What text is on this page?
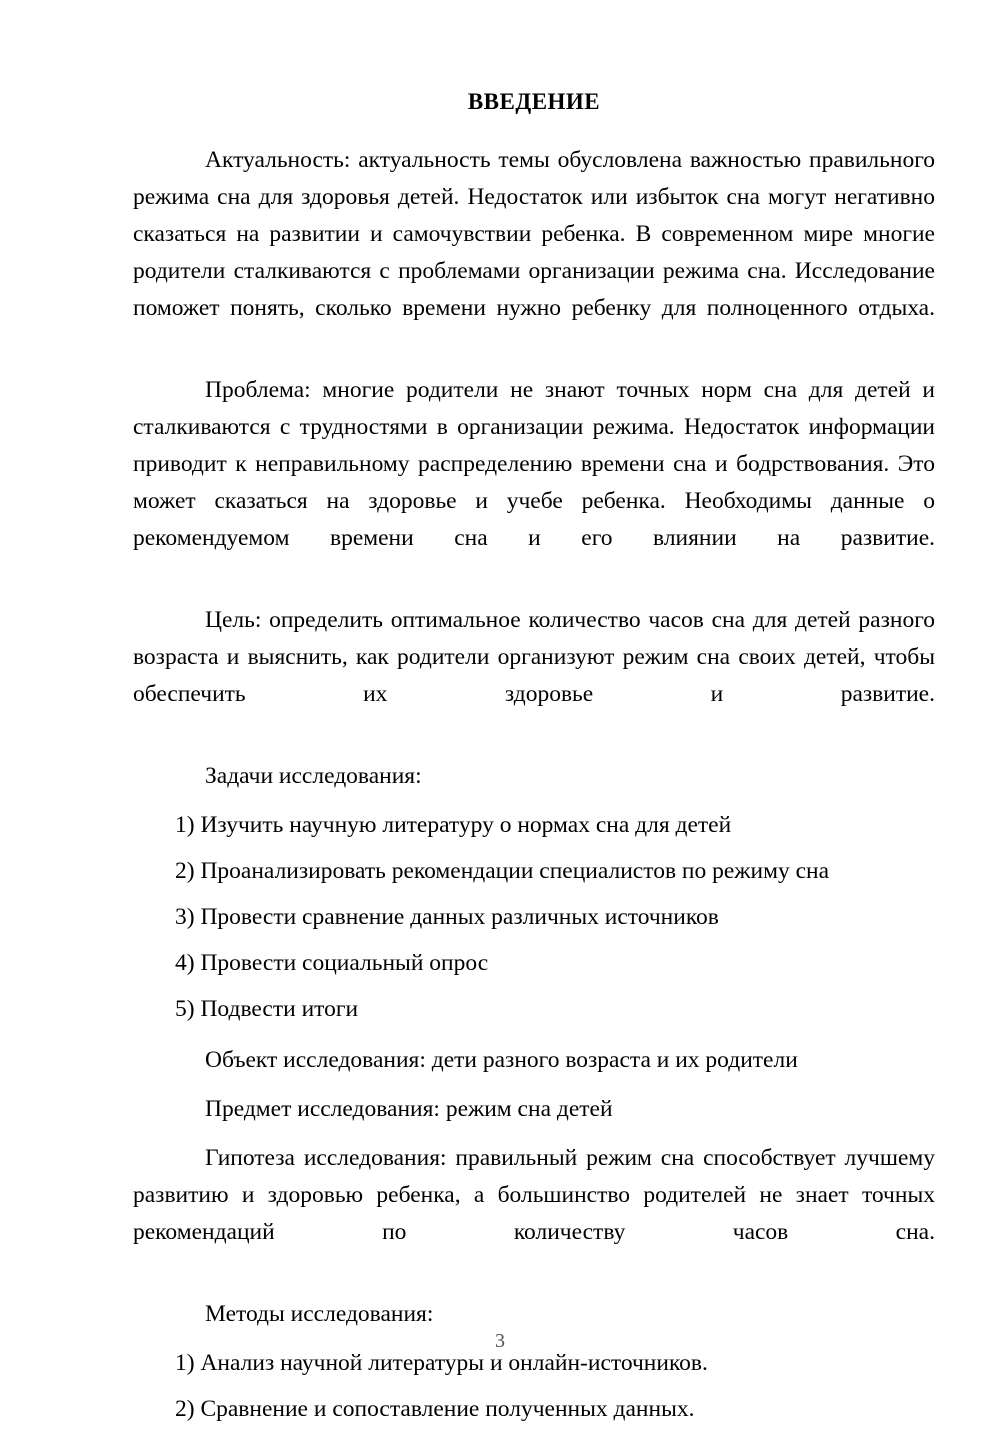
ВВЕДЕНИЕ

Актуальность: актуальность темы обусловлена важностью правильного режима сна для здоровья детей. Недостаток или избыток сна могут негативно сказаться на развитии и самочувствии ребенка. В современном мире многие родители сталкиваются с проблемами организации режима сна. Исследование поможет понять, сколько времени нужно ребенку для полноценного отдыха.

Проблема: многие родители не знают точных норм сна для детей и сталкиваются с трудностями в организации режима. Недостаток информации приводит к неправильному распределению времени сна и бодрствования. Это может сказаться на здоровье и учебе ребенка. Необходимы данные о рекомендуемом времени сна и его влиянии на развитие.

Цель: определить оптимальное количество часов сна для детей разного возраста и выяснить, как родители организуют режим сна своих детей, чтобы обеспечить их здоровье и развитие.

Задачи исследования:

1) Изучить научную литературу о нормах сна для детей
2) Проанализировать рекомендации специалистов по режиму сна
3) Провести сравнение данных различных источников
4) Провести социальный опрос
5) Подвести итоги

Объект исследования: дети разного возраста и их родители

Предмет исследования: режим сна детей

Гипотеза исследования: правильный режим сна способствует лучшему развитию и здоровью ребенка, а большинство родителей не знает точных рекомендаций по количеству часов сна.

Методы исследования:

1) Анализ научной литературы и онлайн-источников.
2) Сравнение и сопоставление полученных данных.
3
